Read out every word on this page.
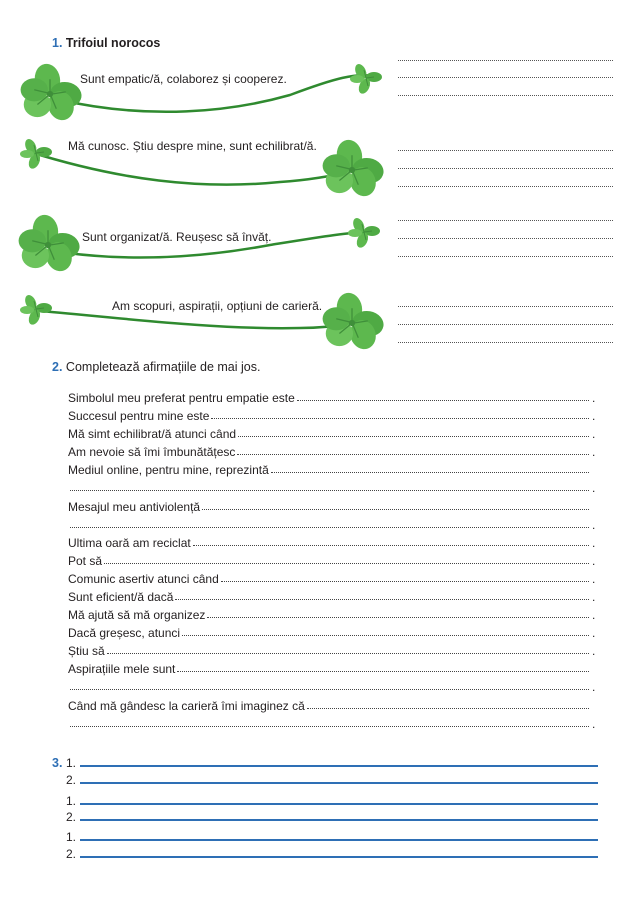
1. Trifoiul norocos
Sunt empatic/ă, colaborez și cooperez.
Mă cunosc. Știu despre mine, sunt echilibrat/ă.
Sunt organizat/ă. Reușesc să învăț.
Am scopuri, aspirații, opțiuni de carieră.
2. Completează afirmațiile de mai jos.
Simbolul meu preferat pentru empatie este	.
Succesul pentru mine este	.
Mă simt echilibrat/ă atunci când	.
Am nevoie să îmi îmbunătățesc	.
Mediul online, pentru mine, reprezintă
.
Mesajul meu antiviolență
.
Ultima oară am reciclat	.
Pot să	.
Comunic asertiv atunci când	.
Sunt eficient/ă dacă	.
Mă ajută să mă organizez	.
Dacă greșesc, atunci	.
Știu să	.
Aspirațiile mele sunt
.
Când mă gândesc la carieră îmi imaginez că
.
3. 1.
2.
1.
2.
1.
2.
